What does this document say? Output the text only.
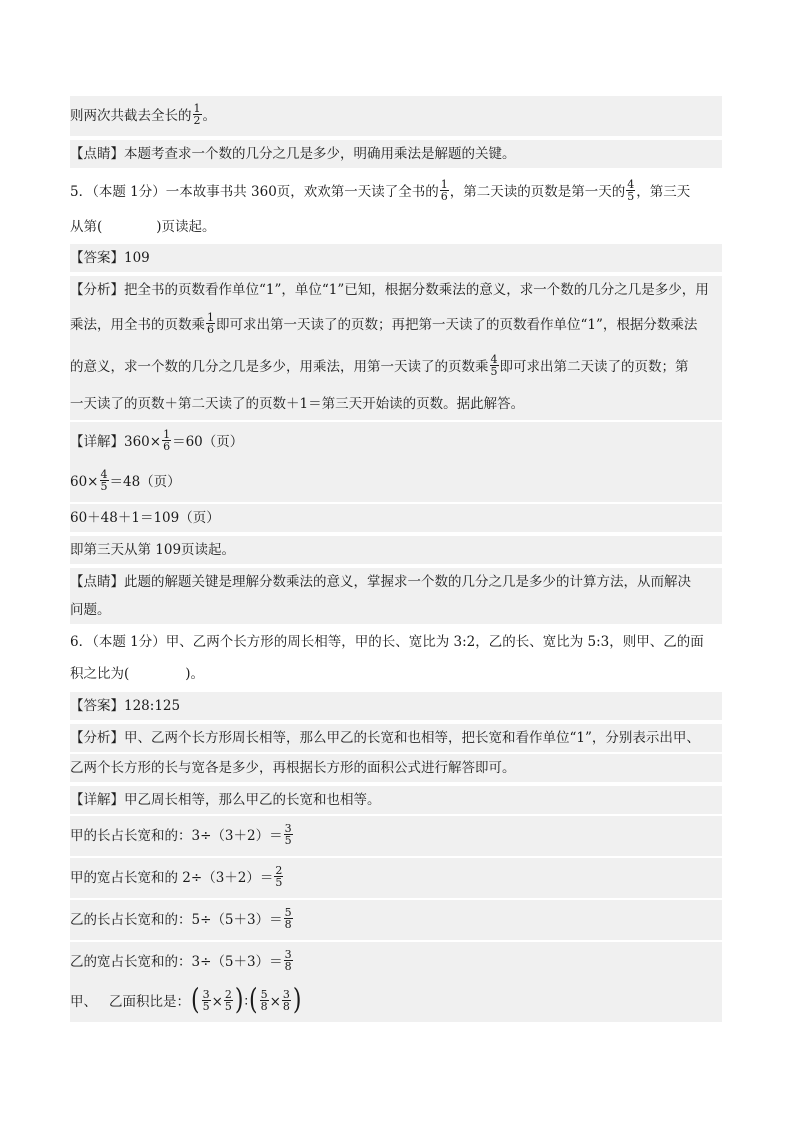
则两次共截去全长的 $\frac{1}{2}$ 。
【点睛】本题考查求一个数的几分之几是多少，明确用乘法是解题的关键。
5．（本题 1分）一本故事书共 360页，欢欢第一天读了全书的 $\frac{1}{6}$ ，第二天读的页数是第一天的 $\frac{4}{5}$ ，第三天
从第(	)页读起。
【答案】109
【分析】把全书的页数看作单位“1”，单位“1”已知，根据分数乘法的意义，求一个数的几分之几是多少，用
乘法，用全书的页数乘 $\frac{1}{6}$ 即可求出第一天读了的页数；再把第一天读了的页数看作单位“1”，根据分数乘法
的意义，求一个数的几分之几是多少，用乘法，用第一天读了的页数乘 $\frac{4}{5}$ 即可求出第二天读了的页数；第
一天读了的页数＋第二天读了的页数＋1＝第三天开始读的页数。据此解答。
【详解】$360\times \frac{1}{6} =60$（页）
$60\times \frac{4}{5} =48$（页）
60＋48＋1＝109（页）
即第三天从第 109页读起。
【点睛】此题的解题关键是理解分数乘法的意义，掌握求一个数的几分之几是多少的计算方法，从而解决
问题。
6．（本题 1分）甲、乙两个长方形的周长相等，甲的长、宽比为 3:2，乙的长、宽比为 5:3，则甲、乙的面
积之比为(	)。
【答案】128:125
【分析】甲、乙两个长方形周长相等，那么甲乙的长宽和也相等，把长宽和看作单位“1”，分别表示出甲、
乙两个长方形的长与宽各是多少，再根据长方形的面积公式进行解答即可。
【详解】甲乙周长相等，那么甲乙的长宽和也相等。
甲的长占长宽和的：$3\div(3+2)= \frac{3}{5}$
甲的宽占长宽和的 $2\div(3+2)= \frac{2}{5}$
乙的长占长宽和的：$5\div(5+3)= \frac{5}{8}$
乙的宽占长宽和的：$3\div(5+3)= \frac{3}{8}$
甲、 乙面积比是：( $\frac{3}{5} \times \frac{2}{5}$ )∶( $\frac{5}{8} \times \frac{3}{8}$ )
